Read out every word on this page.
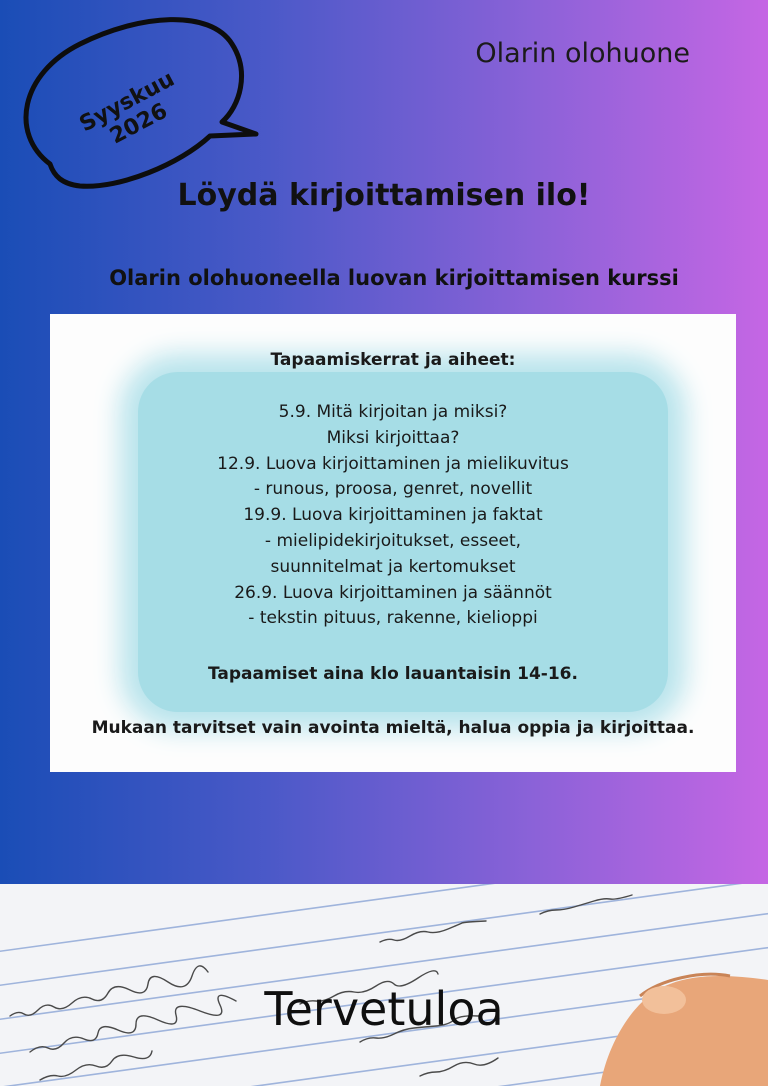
Syyskuu 2026
Olarin olohuone
Löydä kirjoittamisen ilo!
Olarin olohuoneella luovan kirjoittamisen kurssi
Tapaamiskerrat ja aiheet:
5.9. Mitä kirjoitan ja miksi?
Miksi kirjoittaa?
12.9. Luova kirjoittaminen ja mielikuvitus
- runous, proosa, genret, novellit
19.9. Luova kirjoittaminen ja faktat
- mielipidekirjoitukset, esseet,
suunnitelmat ja kertomukset
26.9. Luova kirjoittaminen ja säännöt
- tekstin pituus, rakenne, kielioppi
Tapaamiset aina klo lauantaisin 14-16.
Mukaan tarvitset vain avointa mieltä, halua oppia ja kirjoittaa.
Tervetuloa
